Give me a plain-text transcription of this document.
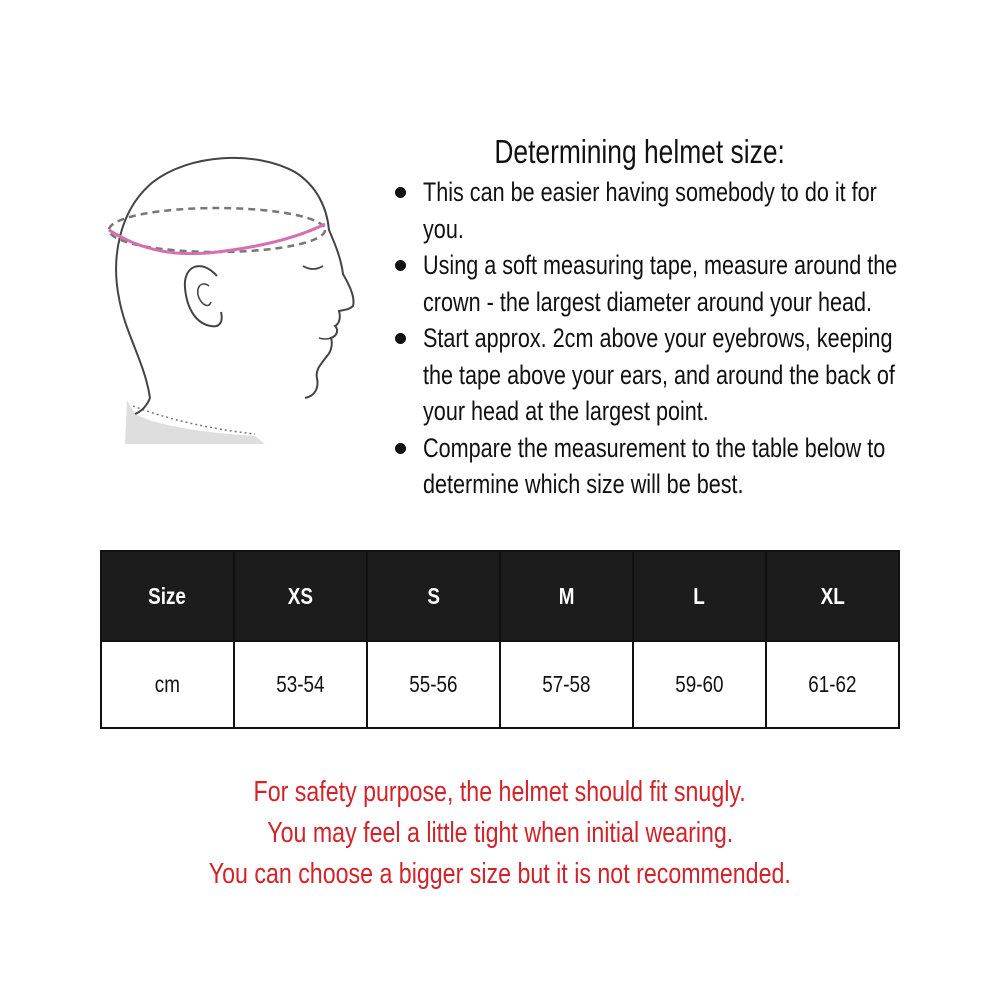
Determining helmet size:
This can be easier having somebody to do it for
you.
Using a soft measuring tape, measure around the
crown - the largest diameter around your head.
Start approx. 2cm above your eyebrows, keeping
the tape above your ears, and around the back of
your head at the largest point.
Compare the measurement to the table below to
determine which size will be best.
Size	XS	S	M	L	XL
cm	53-54	55-56	57-58	59-60	61-62
For safety purpose, the helmet should fit snugly.
You may feel a little tight when initial wearing.
You can choose a bigger size but it is not recommended.
